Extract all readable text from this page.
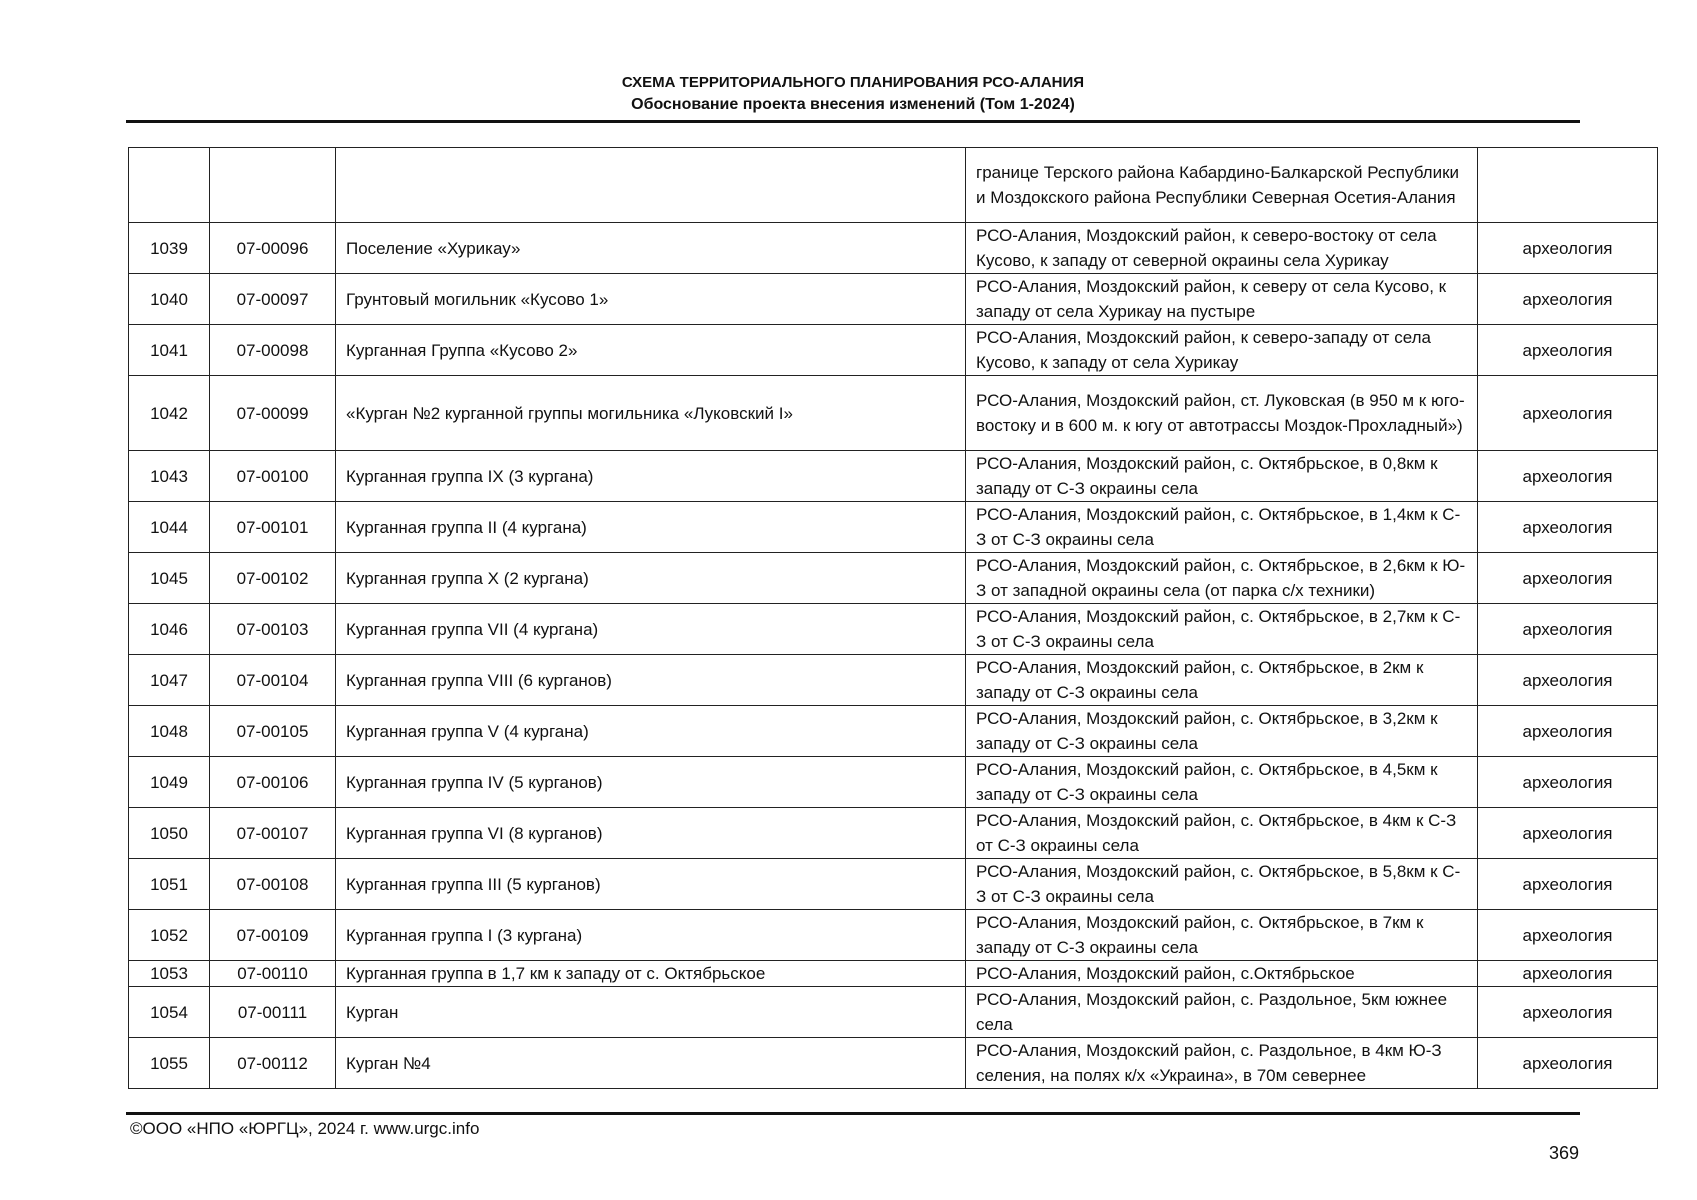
СХЕМА ТЕРРИТОРИАЛЬНОГО ПЛАНИРОВАНИЯ РСО-АЛАНИЯ
Обоснование проекта внесения изменений (Том 1-2024)
			границе Терского района Кабардино-Балкарской Республики и Моздокского района Республики Северная Осетия-Алания	
1039	07-00096	Поселение «Хурикау»	РСО-Алания, Моздокский район, к северо-востоку от села Кусово, к западу от северной окраины села Хурикау	археология
1040	07-00097	Грунтовый могильник «Кусово 1»	РСО-Алания, Моздокский район, к северу от села Кусово, к западу от села Хурикау на пустыре	археология
1041	07-00098	Курганная Группа «Кусово 2»	РСО-Алания, Моздокский район, к северо-западу от села Кусово, к западу от села Хурикау	археология
1042	07-00099	«Курган №2 курганной группы могильника «Луковский I»	РСО-Алания, Моздокский район, ст. Луковская (в 950 м к юго-востоку и в 600 м. к югу от автотрассы Моздок-Прохладный»)	археология
1043	07-00100	Курганная группа IX (3 кургана)	РСО-Алания, Моздокский район, с. Октябрьское, в 0,8км к западу от С-З окраины села	археология
1044	07-00101	Курганная группа II (4 кургана)	РСО-Алания, Моздокский район, с. Октябрьское, в 1,4км к С-З от С-З окраины села	археология
1045	07-00102	Курганная группа X (2 кургана)	РСО-Алания, Моздокский район, с. Октябрьское, в 2,6км к Ю-З от западной окраины села (от парка с/х техники)	археология
1046	07-00103	Курганная группа VII (4 кургана)	РСО-Алания, Моздокский район, с. Октябрьское, в 2,7км к С-З от С-З окраины села	археология
1047	07-00104	Курганная группа VIII (6 курганов)	РСО-Алания, Моздокский район, с. Октябрьское, в 2км к западу от С-З окраины села	археология
1048	07-00105	Курганная группа V (4 кургана)	РСО-Алания, Моздокский район, с. Октябрьское, в 3,2км к западу от С-З окраины села	археология
1049	07-00106	Курганная группа IV (5 курганов)	РСО-Алания, Моздокский район, с. Октябрьское, в 4,5км к западу от С-З окраины села	археология
1050	07-00107	Курганная группа VI (8 курганов)	РСО-Алания, Моздокский район, с. Октябрьское, в 4км к С-З от С-З окраины села	археология
1051	07-00108	Курганная группа III (5 курганов)	РСО-Алания, Моздокский район, с. Октябрьское, в 5,8км к С-З от С-З окраины села	археология
1052	07-00109	Курганная группа I (3 кургана)	РСО-Алания, Моздокский район, с. Октябрьское, в 7км к западу от С-З окраины села	археология
1053	07-00110	Курганная группа в 1,7 км к западу от с. Октябрьское	РСО-Алания, Моздокский район, с.Октябрьское	археология
1054	07-00111	Курган	РСО-Алания, Моздокский район, с. Раздольное, 5км южнее села	археология
1055	07-00112	Курган №4	РСО-Алания, Моздокский район, с. Раздольное, в 4км Ю-З селения, на полях к/х «Украина», в 70м севернее	археология
©ООО «НПО «ЮРГЦ», 2024 г. www.urgc.info
369
